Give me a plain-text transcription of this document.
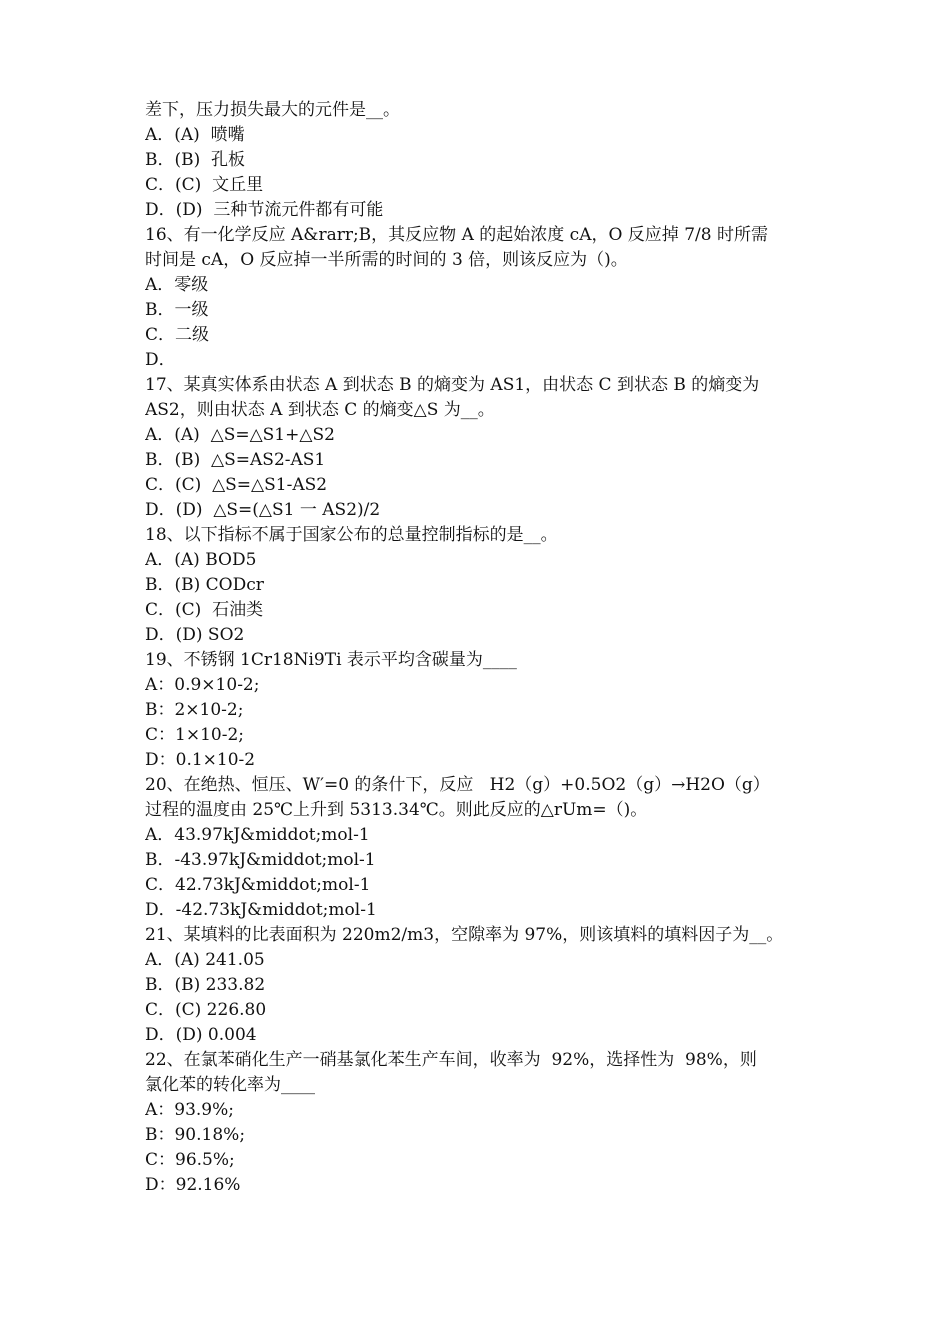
差下，压力损失最大的元件是__。
A．(A)  喷嘴
B．(B)  孔板
C．(C)  文丘里
D．(D)  三种节流元件都有可能
16、有一化学反应 A&rarr;B，其反应物 A 的起始浓度 cA，O 反应掉 7/8 时所需
时间是 cA，O 反应掉一半所需的时间的 3 倍，则该反应为（)。
A．零级
B．一级
C．二级
D．
17、某真实体系由状态 A 到状态 B 的熵变为 AS1，由状态 C 到状态 B 的熵变为
AS2，则由状态 A 到状态 C 的熵变△S 为__。
A．(A)  △S=△S1+△S2
B．(B)  △S=AS2-AS1
C．(C)  △S=△S1-AS2
D．(D)  △S=(△S1 一 AS2)/2
18、以下指标不属于国家公布的总量控制指标的是__。
A．(A) BOD5
B．(B) CODcr
C．(C)  石油类
D．(D) SO2
19、不锈钢 1Cr18Ni9Ti 表示平均含碳量为____
A：0.9×10-2;
B：2×10-2;
C：1×10-2;
D：0.1×10-2
20、在绝热、恒压、W′=0 的条什下，反应   H2（g）+0.5O2（g）→H2O（g）
过程的温度由 25℃上升到 5313.34℃。则此反应的△rUm=（)。
A．43.97kJ&middot;mol-1
B．-43.97kJ&middot;mol-1
C．42.73kJ&middot;mol-1
D．-42.73kJ&middot;mol-1
21、某填料的比表面积为 220m2/m3，空隙率为 97%，则该填料的填料因子为__。
A．(A) 241.05
B．(B) 233.82
C．(C) 226.80
D．(D) 0.004
22、在氯苯硝化生产一硝基氯化苯生产车间，收率为  92%，选择性为  98%，则
氯化苯的转化率为____
A：93.9%;
B：90.18%;
C：96.5%;
D：92.16%
